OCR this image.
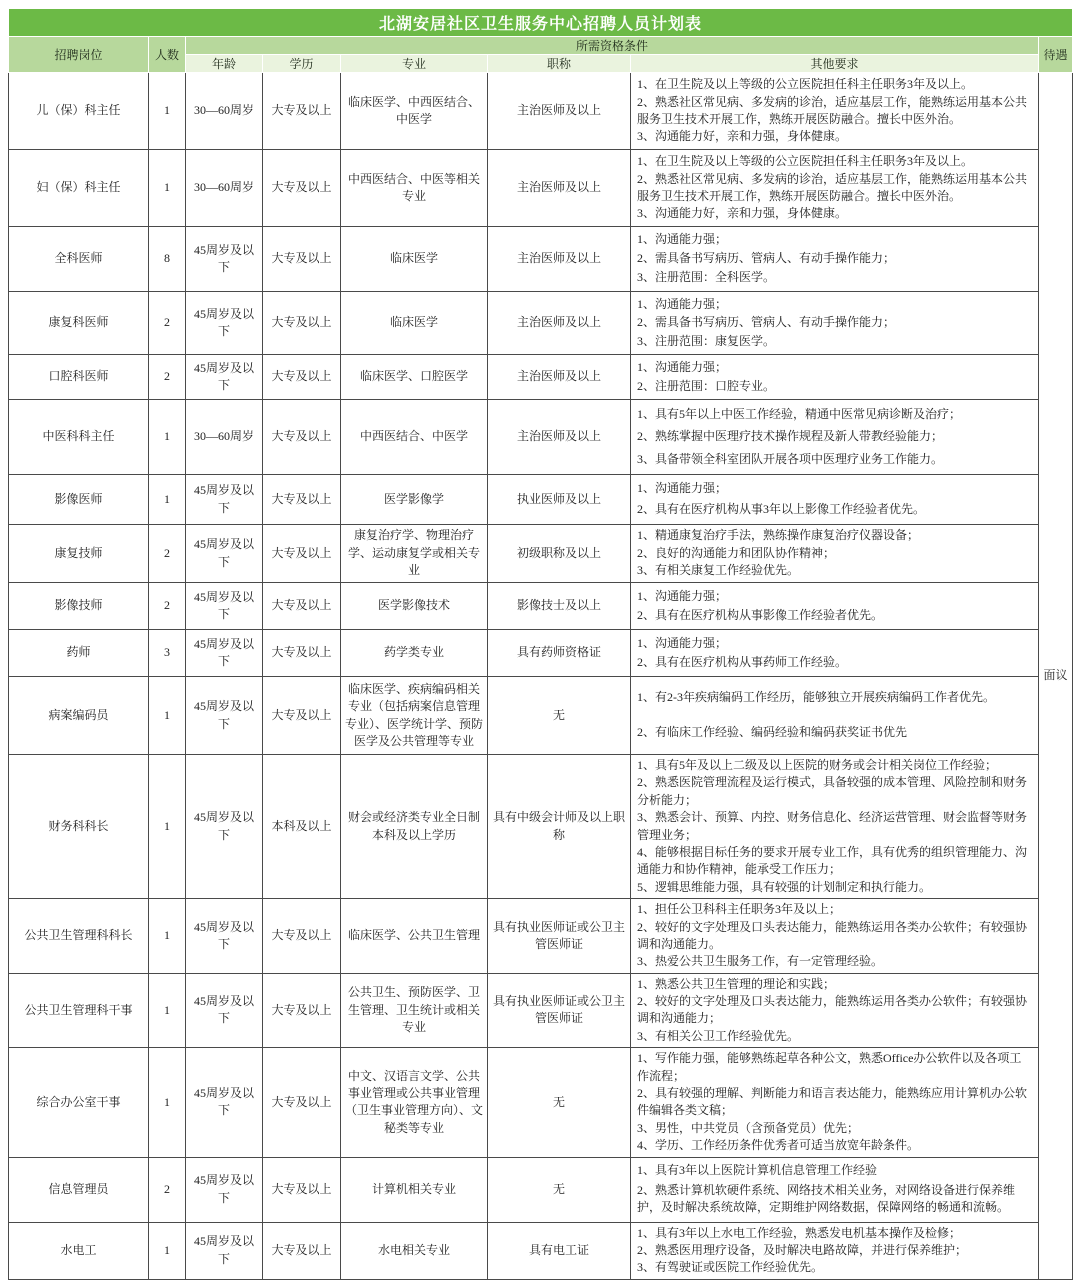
北湖安居社区卫生服务中心招聘人员计划表							
招聘岗位	人数	所需资格条件					待遇
		年龄	学历	专业	职称	其他要求	
儿（保）科主任	1	30—60周岁	大专及以上	临床医学、中西医结合、中医学	主治医师及以上	1、在卫生院及以上等级的公立医院担任科主任职务3年及以上。
2、熟悉社区常见病、多发病的诊治，适应基层工作，能熟练运用基本公共服务卫生技术开展工作，熟练开展医防融合。擅长中医外治。
3、沟通能力好，亲和力强，身体健康。	面议
妇（保）科主任	1	30—60周岁	大专及以上	中西医结合、中医等相关专业	主治医师及以上	1、在卫生院及以上等级的公立医院担任科主任职务3年及以上。
2、熟悉社区常见病、多发病的诊治，适应基层工作，能熟练运用基本公共服务卫生技术开展工作，熟练开展医防融合。擅长中医外治。
3、沟通能力好，亲和力强，身体健康。	

全科医师	8	45周岁及以下	大专及以上	临床医学	主治医师及以上	1、沟通能力强；
2、需具备书写病历、管病人、有动手操作能力；
3、注册范围：全科医学。	

康复科医师	2	45周岁及以下	大专及以上	临床医学	主治医师及以上	1、沟通能力强；
2、需具备书写病历、管病人、有动手操作能力；
3、注册范围：康复医学。	

口腔科医师	2	45周岁及以下	大专及以上	临床医学、口腔医学	主治医师及以上	1、沟通能力强；
2、注册范围：口腔专业。	

中医科科主任	1	30—60周岁	大专及以上	中西医结合、中医学	主治医师及以上	1、具有5年以上中医工作经验，精通中医常见病诊断及治疗；
2、熟练掌握中医理疗技术操作规程及新人带教经验能力；
3、具备带领全科室团队开展各项中医理疗业务工作能力。	

影像医师	1	45周岁及以下	大专及以上	医学影像学	执业医师及以上	1、沟通能力强；
2、具有在医疗机构从事3年以上影像工作经验者优先。	

康复技师	2	45周岁及以下	大专及以上	康复治疗学、物理治疗学、运动康复学或相关专业	初级职称及以上	1、精通康复治疗手法，熟练操作康复治疗仪器设备；
2、良好的沟通能力和团队协作精神；
3、有相关康复工作经验优先。	

影像技师	2	45周岁及以下	大专及以上	医学影像技术	影像技士及以上	1、沟通能力强；
2、具有在医疗机构从事影像工作经验者优先。	

药师	3	45周岁及以下	大专及以上	药学类专业	具有药师资格证	1、沟通能力强；
2、具有在医疗机构从事药师工作经验。	

病案编码员	1	45周岁及以下	大专及以上	临床医学、疾病编码相关专业（包括病案信息管理专业）、医学统计学、预防医学及公共管理等专业	无	1、有2-3年疾病编码工作经历，能够独立开展疾病编码工作者优先。
2、有临床工作经验、编码经验和编码获奖证书优先	

财务科科长	1	45周岁及以下	本科及以上	财会或经济类专业全日制本科及以上学历	具有中级会计师及以上职称	1、具有5年及以上二级及以上医院的财务或会计相关岗位工作经验；
2、熟悉医院管理流程及运行模式，具备较强的成本管理、风险控制和财务分析能力；
3、熟悉会计、预算、内控、财务信息化、经济运营管理、财会监督等财务管理业务；
4、能够根据目标任务的要求开展专业工作，具有优秀的组织管理能力、沟通能力和协作精神，能承受工作压力；
5、逻辑思维能力强，具有较强的计划制定和执行能力。	

公共卫生管理科科长	1	45周岁及以下	大专及以上	临床医学、公共卫生管理	具有执业医师证或公卫主管医师证	1、担任公卫科科主任职务3年及以上；
2、较好的文字处理及口头表达能力，能熟练运用各类办公软件；有较强协调和沟通能力。
3、热爱公共卫生服务工作，有一定管理经验。	

公共卫生管理科干事	1	45周岁及以下	大专及以上	公共卫生、预防医学、卫生管理、卫生统计或相关专业	具有执业医师证或公卫主管医师证	1、熟悉公共卫生管理的理论和实践；
2、较好的文字处理及口头表达能力，能熟练运用各类办公软件；有较强协调和沟通能力；
3、有相关公卫工作经验优先。	

综合办公室干事	1	45周岁及以下	大专及以上	中文、汉语言文学、公共事业管理或公共事业管理（卫生事业管理方向）、文秘类等专业	无	1、写作能力强，能够熟练起草各种公文，熟悉Office办公软件以及各项工作流程；
2、具有较强的理解、判断能力和语言表达能力，能熟练应用计算机办公软件编辑各类文稿；
3、男性，中共党员（含预备党员）优先；
4、学历、工作经历条件优秀者可适当放宽年龄条件。	

信息管理员	2	45周岁及以下	大专及以上	计算机相关专业	无	1、具有3年以上医院计算机信息管理工作经验
2、熟悉计算机软硬件系统、网络技术相关业务，对网络设备进行保养维护，及时解决系统故障，定期维护网络数据，保障网络的畅通和流畅。	

水电工	1	45周岁及以下	大专及以上	水电相关专业	具有电工证	1、具有3年以上水电工作经验，熟悉发电机基本操作及检修；
2、熟悉医用理疗设备，及时解决电路故障，并进行保养维护；
3、有驾驶证或医院工作经验优先。	
